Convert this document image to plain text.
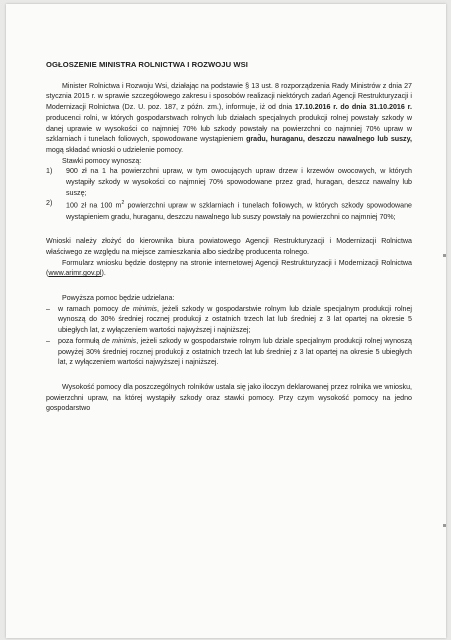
OGŁOSZENIE MINISTRA ROLNICTWA I ROZWOJU WSI

Minister Rolnictwa i Rozwoju Wsi, działając na podstawie § 13 ust. 8 rozporządzenia Rady Ministrów z dnia 27 stycznia 2015 r. w sprawie szczegółowego zakresu i sposobów realizacji niektórych zadań Agencji Restrukturyzacji i Modernizacji Rolnictwa (Dz. U. poz. 187, z późn. zm.), informuje, iż od dnia 17.10.2016 r. do dnia 31.10.2016 r. producenci rolni, w których gospodarstwach rolnych lub działach specjalnych produkcji rolnej powstały szkody w danej uprawie w wysokości co najmniej 70% lub szkody powstały na powierzchni co najmniej 70% upraw w szklarniach i tunelach foliowych, spowodowane wystąpieniem grad̄u, huraganu, deszczu nawalnego lub suszy, mogą składać wnioski o udzielenie pomocy.

Stawki pomocy wynoszą:

1) 900 zł na 1 ha powierzchni upraw, w tym owocujących upraw drzew i krzewów owocowych, w których wystąpiły szkody w wysokości co najmniej 70% spowodowane przez grad, huragan, deszcz nawalny lub suszę;
2) 100 zł na 100 $m^2$ powierzchni upraw w szklarniach i tunelach foliowych, w których szkody spowodowane wystąpieniem gradu, huraganu, deszczu nawalnego lub suszy powstały na powierzchni co najmniej 70%;

Wnioski należy złożyć do kierownika biura powiatowego Agencji Restrukturyzacji i Modernizacji Rolnictwa właściwego ze względu na miejsce zamieszkania albo siedzibę producenta rolnego.

Formularz wniosku będzie dostępny na stronie internetowej Agencji Restrukturyzacji i Modernizacji Rolnictwa (www.arimr.gov.pl).

Powyższa pomoc będzie udzielana:

– w ramach pomocy de minimis, jeżeli szkody w gospodarstwie rolnym lub dziale specjalnym produkcji rolnej wynoszą do 30% średniej rocznej produkcji z ostatnich trzech lat lub średniej z 3 lat opartej na okresie 5 ubiegłych lat, z wyłączeniem wartości najwyższej i najniższej;
– poza formułą de minimis, jeżeli szkody w gospodarstwie rolnym lub dziale specjalnym produkcji rolnej wynoszą powyżej 30% średniej rocznej produkcji z ostatnich trzech lat lub średniej z 3 lat opartej na okresie 5 ubiegłych lat, z wyłączeniem wartości najwyższej i najniższej.

Wysokość pomocy dla poszczególnych rolników ustala się jako iloczyn deklarowanej przez rolnika we wniosku, powierzchni upraw, na której wystąpiły szkody oraz stawki pomocy. Przy czym wysokość pomocy na jedno gospodarstwo
